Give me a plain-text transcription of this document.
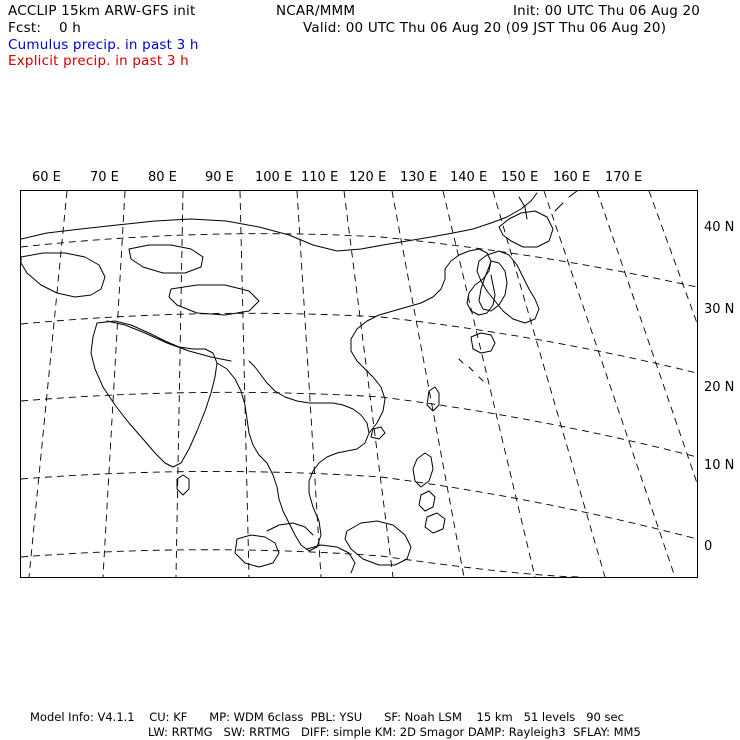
ACCLIP 15km ARW-GFS init	NCAR/MMM	Init: 00 UTC Thu 06 Aug 20
Fcst:    0 h	Valid: 00 UTC Thu 06 Aug 20 (09 JST Thu 06 Aug 20)
Cumulus precip. in past 3 h
Explicit precip. in past 3 h
60 E 70 E 80 E 90 E 100 E 110 E 120 E 130 E 140 E 150 E 160 E 170 E
40 N
30 N
20 N
10 N
0
Model Info: V4.1.1    CU: KF      MP: WDM 6class  PBL: YSU      SF: Noah LSM    15 km   51 levels   90 sec
LW: RRTMG   SW: RRTMG   DIFF: simple KM: 2D Smagor DAMP: Rayleigh3  SFLAY: MM5
